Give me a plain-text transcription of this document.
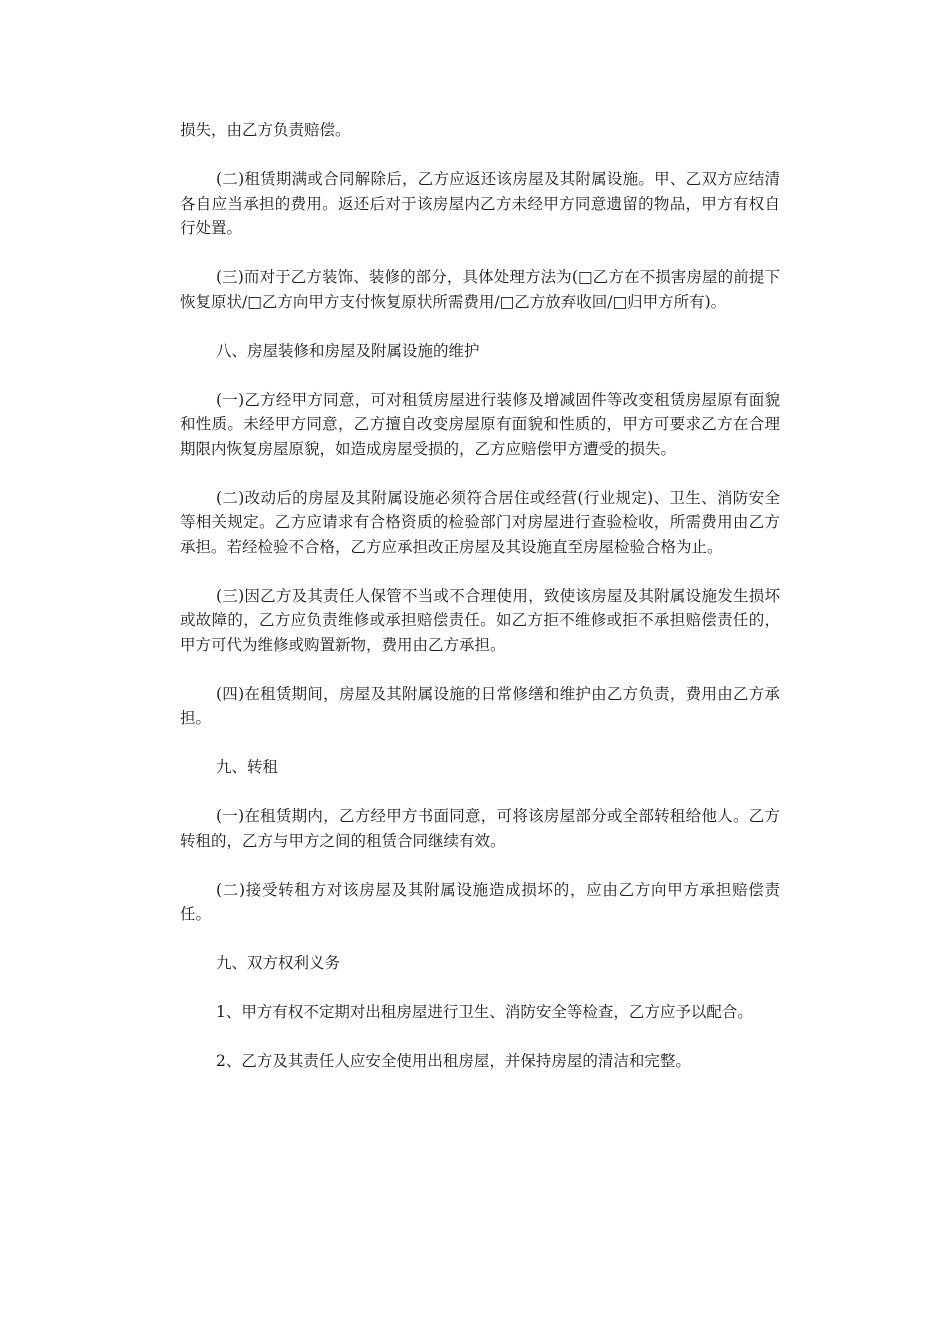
损失，由乙方负责赔偿。

(二)租赁期满或合同解除后，乙方应返还该房屋及其附属设施。甲、乙双方应结清各自应当承担的费用。返还后对于该房屋内乙方未经甲方同意遗留的物品，甲方有权自行处置。

(三)而对于乙方装饰、装修的部分，具体处理方法为(□乙方在不损害房屋的前提下恢复原状/□乙方向甲方支付恢复原状所需费用/□乙方放弃收回/□归甲方所有)。

八、房屋装修和房屋及附属设施的维护

(一)乙方经甲方同意，可对租赁房屋进行装修及增减固件等改变租赁房屋原有面貌和性质。未经甲方同意，乙方擅自改变房屋原有面貌和性质的，甲方可要求乙方在合理期限内恢复房屋原貌，如造成房屋受损的，乙方应赔偿甲方遭受的损失。

(二)改动后的房屋及其附属设施必须符合居住或经营(行业规定)、卫生、消防安全等相关规定。乙方应请求有合格资质的检验部门对房屋进行查验检收，所需费用由乙方承担。若经检验不合格，乙方应承担改正房屋及其设施直至房屋检验合格为止。

(三)因乙方及其责任人保管不当或不合理使用，致使该房屋及其附属设施发生损坏或故障的，乙方应负责维修或承担赔偿责任。如乙方拒不维修或拒不承担赔偿责任的，甲方可代为维修或购置新物，费用由乙方承担。

(四)在租赁期间，房屋及其附属设施的日常修缮和维护由乙方负责，费用由乙方承担。

九、转租

(一)在租赁期内，乙方经甲方书面同意，可将该房屋部分或全部转租给他人。乙方转租的，乙方与甲方之间的租赁合同继续有效。

(二)接受转租方对该房屋及其附属设施造成损坏的，应由乙方向甲方承担赔偿责任。

九、双方权利义务

1、甲方有权不定期对出租房屋进行卫生、消防安全等检查，乙方应予以配合。

2、乙方及其责任人应安全使用出租房屋，并保持房屋的清洁和完整。
